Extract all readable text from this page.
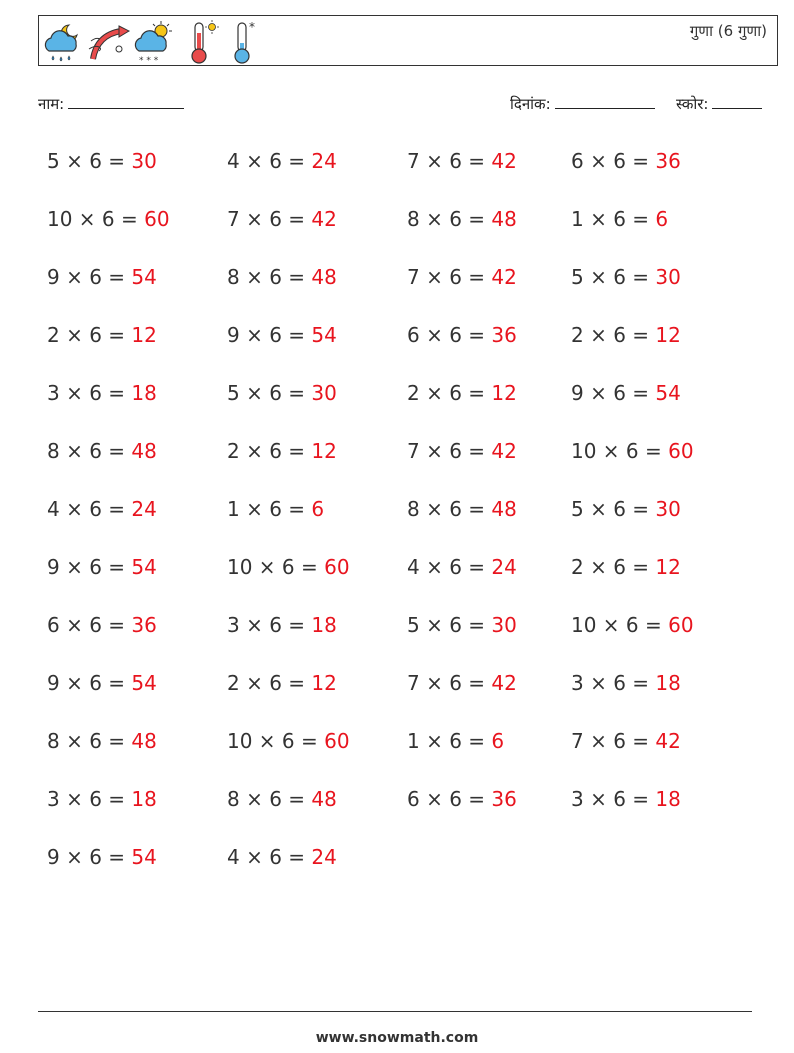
* * *
*	गुणा (6 गुणा)
नाम:	दिनांक:	स्कोर:
5 × 6 = 30	4 × 6 = 24	7 × 6 = 42	6 × 6 = 36
10 × 6 = 60	7 × 6 = 42	8 × 6 = 48	1 × 6 = 6
9 × 6 = 54	8 × 6 = 48	7 × 6 = 42	5 × 6 = 30
2 × 6 = 12	9 × 6 = 54	6 × 6 = 36	2 × 6 = 12
3 × 6 = 18	5 × 6 = 30	2 × 6 = 12	9 × 6 = 54
8 × 6 = 48	2 × 6 = 12	7 × 6 = 42	10 × 6 = 60
4 × 6 = 24	1 × 6 = 6	8 × 6 = 48	5 × 6 = 30
9 × 6 = 54	10 × 6 = 60	4 × 6 = 24	2 × 6 = 12
6 × 6 = 36	3 × 6 = 18	5 × 6 = 30	10 × 6 = 60
9 × 6 = 54	2 × 6 = 12	7 × 6 = 42	3 × 6 = 18
8 × 6 = 48	10 × 6 = 60	1 × 6 = 6	7 × 6 = 42
3 × 6 = 18	8 × 6 = 48	6 × 6 = 36	3 × 6 = 18
9 × 6 = 54	4 × 6 = 24
www.snowmath.com
